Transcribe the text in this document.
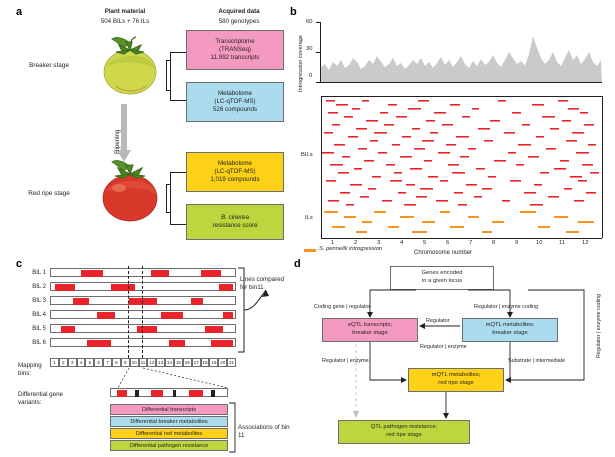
a	Plant material
504 BILs + 76 ILs
Acquired data
580 genotypes
Breaker stage
Ripening
Red ripe stage
Transcriptome
(TRANSeq)
11,992 transcripts
Metabolome
(LC-qTOF-MS)
526 compounds
Metabolome
(LC-qTOF-MS)
1,019 compounds
B. cinerea
resistance score
b
Introgression coverage
60
30
0
BILs
ILs
1	2	3	4	5	6	7	8	9	10	11	12
Chromosome number
S. pennellii introgression
c
BIL 1
BIL 2
BIL 3
BIL 4
BIL 5
BIL 6
Lines compared
for bin11
Mapping bins:
1	2	3	4	5	6	7	8	9	10 11 12 13 14 15 16 17 18 19 20 21
Differential gene variants:
Differential transcripts
Differential breaker metabolites
Differential red metabolites
Differential pathogen resistance
Associations of bin 11
d
Genes encoded
in a given locus
eQTL transcripts;
breaker stage
mQTL metabolites;
breaker stage
mQTL metabolites;
red ripe stage
QTL pathogen resistance;
red ripe stage
Coding gene | regulator	Regulator | enzyme coding
Regulator
Regulator | enzyme
Regulator | enzyme	Substrate | intermediate
Regulator | enzyme coding
